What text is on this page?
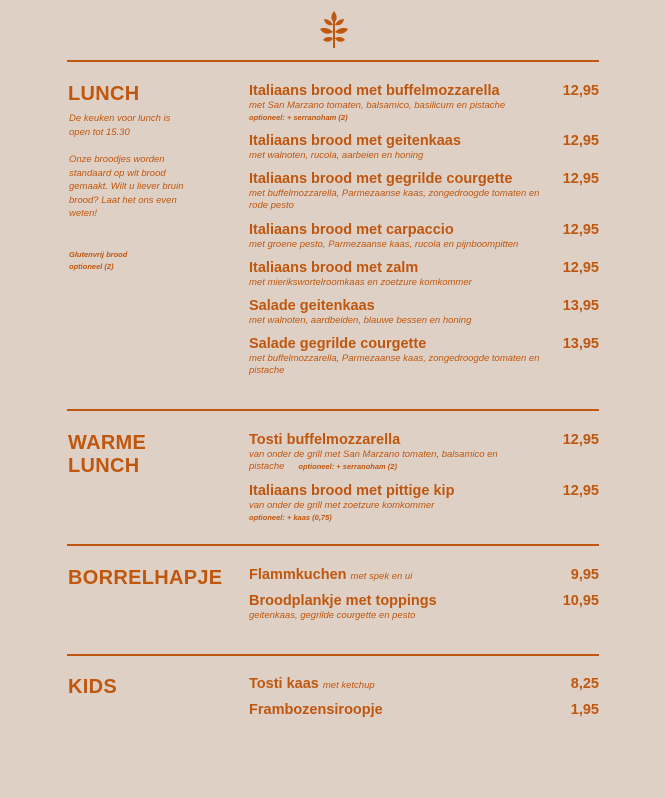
LUNCH
De keuken voor lunch is open tot 15.30
Onze broodjes worden standaard op wit brood gemaakt. Wilt u liever bruin brood? Laat het ons even weten!
Glutenvrij brood optioneel (2)
Italiaans brood met buffelmozzarella
met San Marzano tomaten, balsamico, basilicum en pistache
optioneel: + serranoham (2)
12,95
Italiaans brood met geitenkaas
met walnoten, rucola, aarbeien en honing
12,95
Italiaans brood met gegrilde courgette
met buffelmozzarella, Parmezaanse kaas, zongedroogde tomaten en rode pesto
12,95
Italiaans brood met carpaccio
met groene pesto, Parmezaanse kaas, rucola en pijnboompitten
12,95
Italiaans brood met zalm
met mierikswortelroomkaas en zoetzure komkommer
12,95
Salade geitenkaas
met walnoten, aardbeiden, blauwe bessen en honing
13,95
Salade gegrilde courgette
met buffelmozzarella, Parmezaanse kaas, zongedroogde tomaten en pistache
13,95
WARME
LUNCH
Tosti buffelmozzarella
van onder de grill met San Marzano tomaten, balsamico en pistache optioneel: + serranoham (2)
12,95
Italiaans brood met pittige kip
van onder de grill met zoetzure komkommer
optioneel: + kaas (0,75)
12,95
BORRELHAPJE Flammkuchen met spek en ui	9,95
Broodplankje met toppings
geitenkaas, gegrilde courgette en pesto
10,95
KIDS	Tosti kaas met ketchup	8,25
Frambozensiroopje	1,95
